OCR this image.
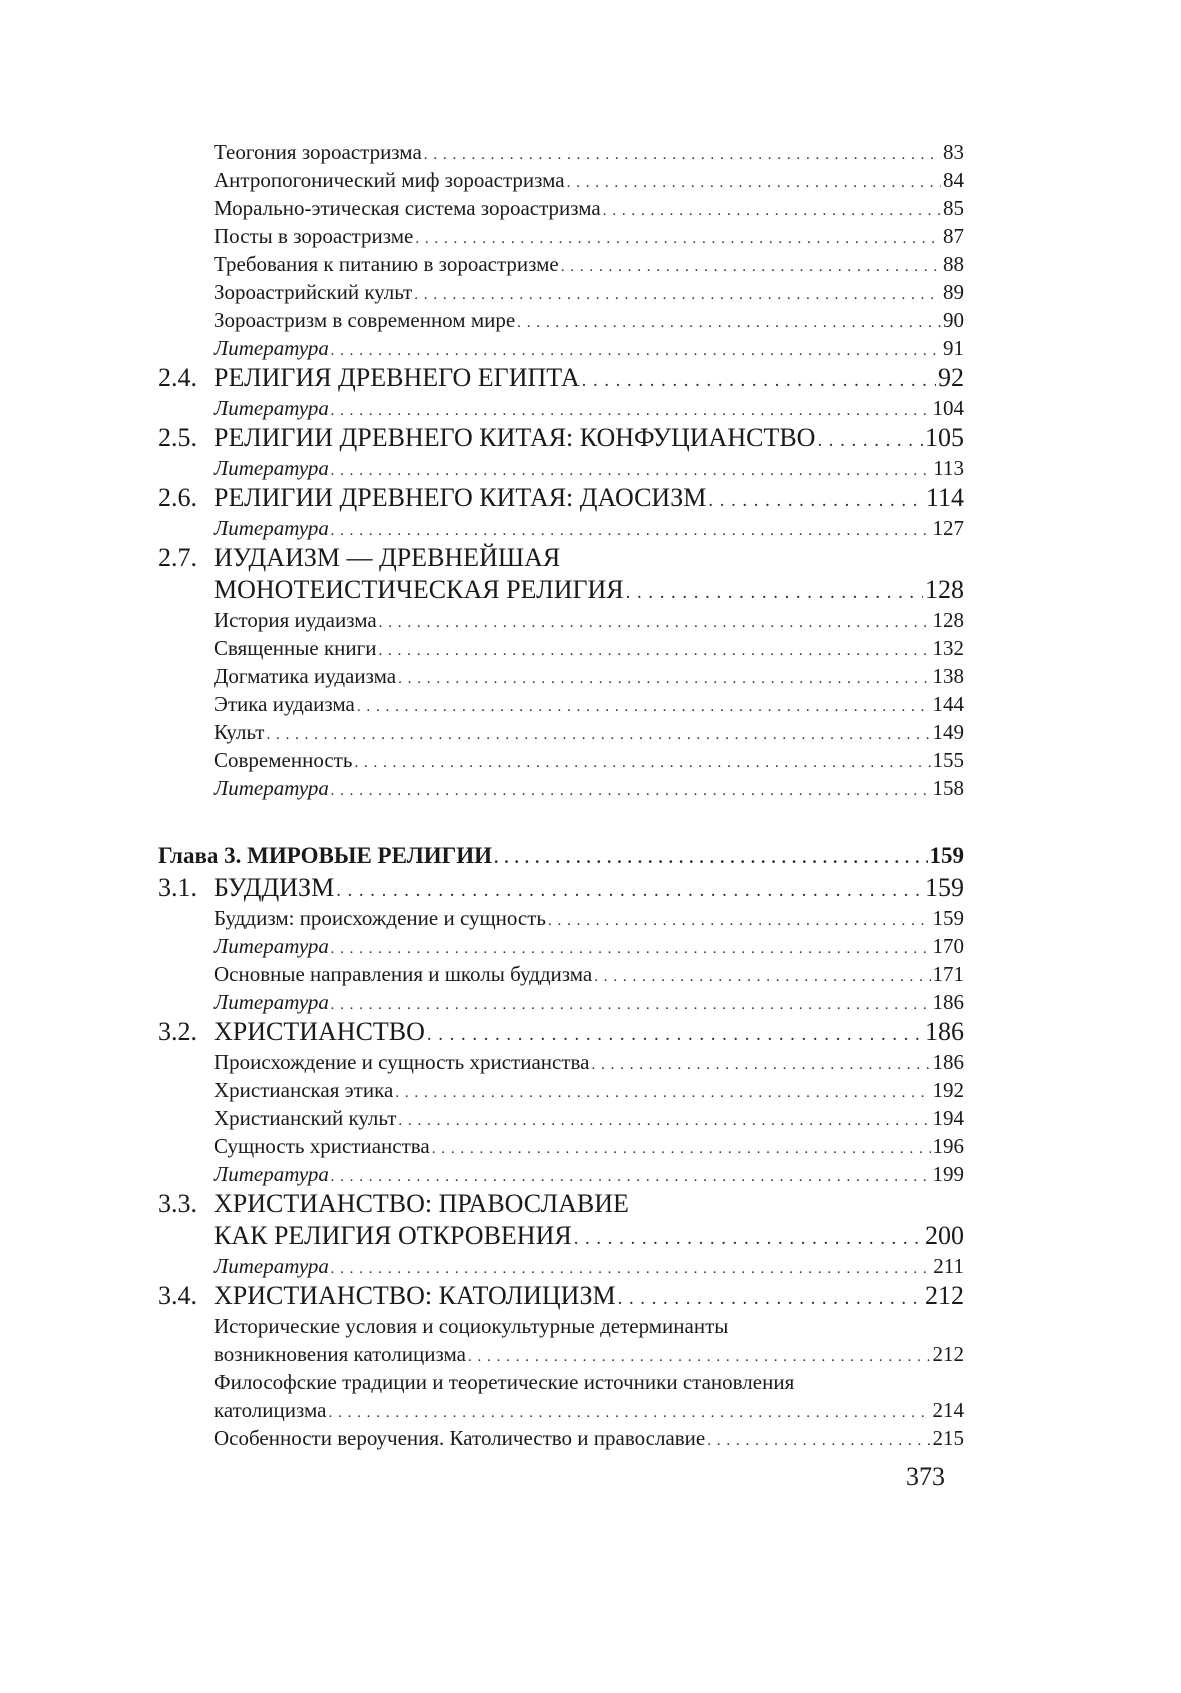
Теогония зороастризма . . .	83
Антропогонический миф зороастризма . . .	84
Морально-этическая система зороастризма . . .	85
Посты в зороастризме . . .	87
Требования к питанию в зороастризме . . .	88
Зороастрийский культ . . .	89
Зороастризм в современном мире . . .	90
Литература . . .	91
2.4. РЕЛИГИЯ ДРЕВНЕГО ЕГИПТА . . .	92
Литература . . .	104
2.5. РЕЛИГИИ ДРЕВНЕГО КИТАЯ: КОНФУЦИАНСТВО . . .	105
Литература . . .	113
2.6. РЕЛИГИИ ДРЕВНЕГО КИТАЯ: ДАОСИЗМ . . .	114
Литература . . .	127
2.7. ИУДАИЗМ — ДРЕВНЕЙШАЯ
МОНОТЕИСТИЧЕСКАЯ РЕЛИГИЯ . . .	128
История иудаизма . . .	128
Священные книги . . .	132
Догматика иудаизма . . .	138
Этика иудаизма . . .	144
Культ . . .	149
Современность . . .	155
Литература . . .	158
Глава 3. МИРОВЫЕ РЕЛИГИИ . . .	159
3.1. БУДДИЗМ . . .	159
Буддизм: происхождение и сущность . . .	159
Литература . . .	170
Основные направления и школы буддизма . . .	171
Литература . . .	186
3.2. ХРИСТИАНСТВО . . .	186
Происхождение и сущность христианства . . .	186
Христианская этика . . .	192
Христианский культ . . .	194
Сущность христианства . . .	196
Литература . . .	199
3.3. ХРИСТИАНСТВО: ПРАВОСЛАВИЕ
КАК РЕЛИГИЯ ОТКРОВЕНИЯ . . .	200
Литература . . .	211
3.4. ХРИСТИАНСТВО: КАТОЛИЦИЗМ . . .	212
Исторические условия и социокультурные детерминанты
возникновения католицизма . . .	212
Философские традиции и теоретические источники становления
католицизма . . .	214
Особенности вероучения. Католичество и православие . . .	215
373
